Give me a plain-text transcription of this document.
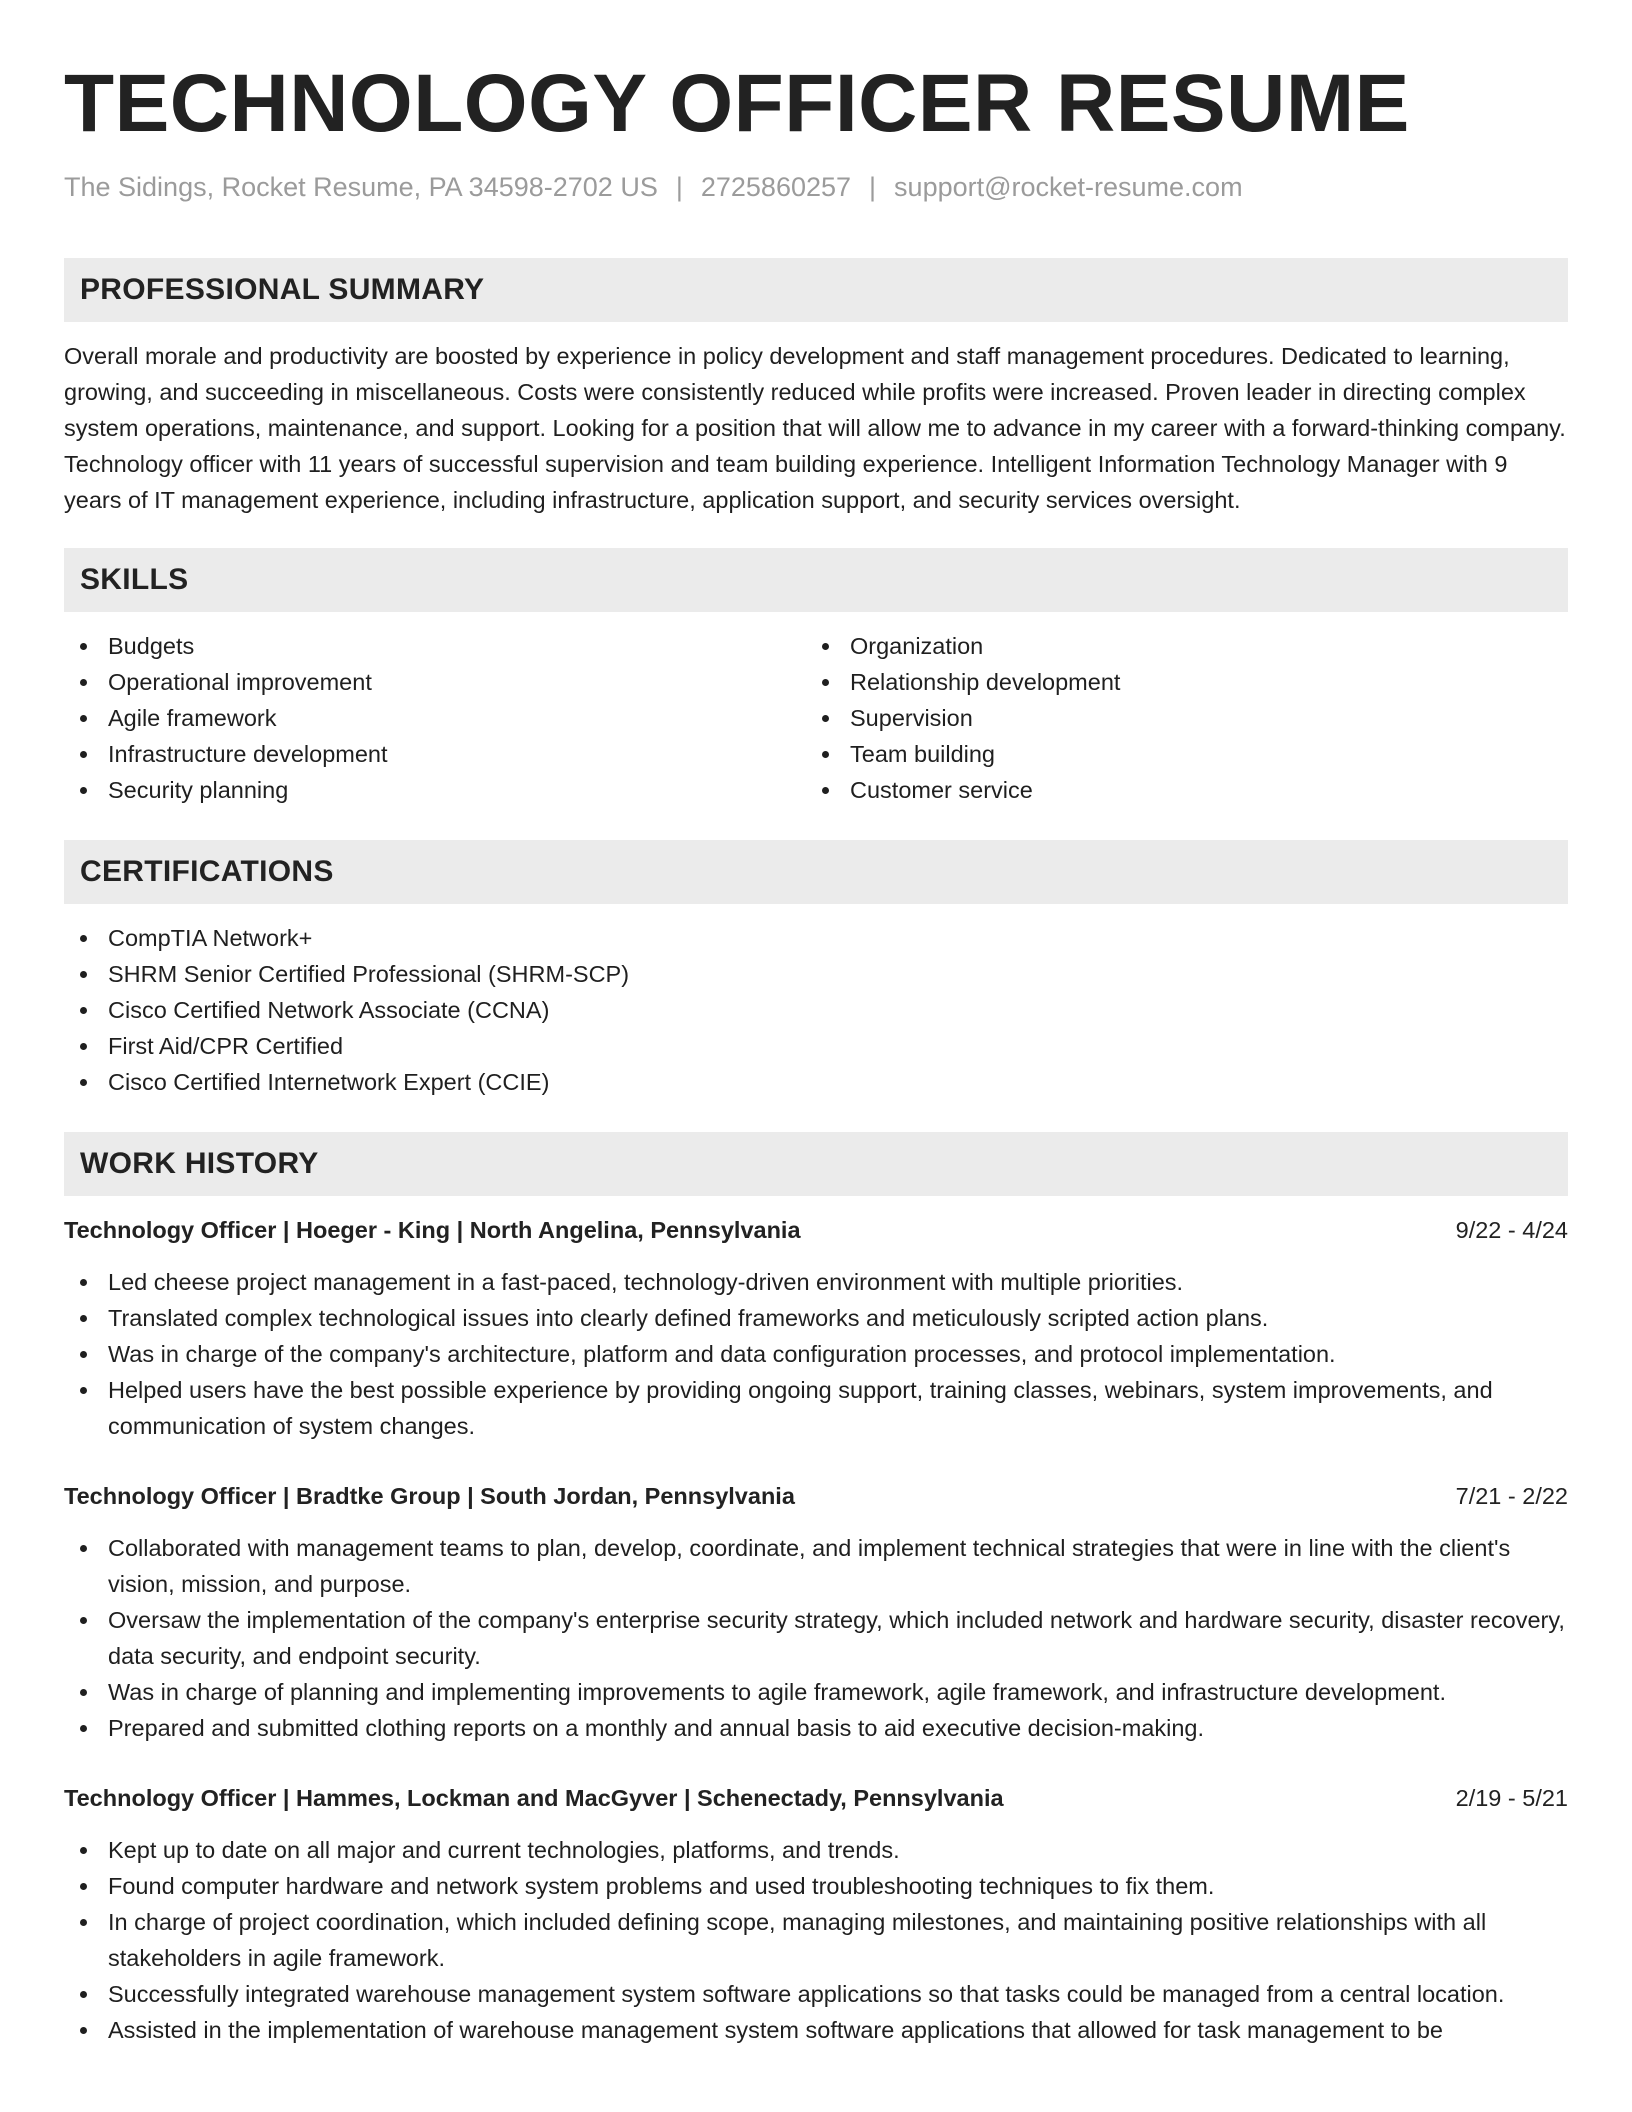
TECHNOLOGY OFFICER RESUME
The Sidings, Rocket Resume, PA 34598-2702 US | 2725860257 | support@rocket-resume.com
PROFESSIONAL SUMMARY
Overall morale and productivity are boosted by experience in policy development and staff management procedures. Dedicated to learning, growing, and succeeding in miscellaneous. Costs were consistently reduced while profits were increased. Proven leader in directing complex system operations, maintenance, and support. Looking for a position that will allow me to advance in my career with a forward-thinking company. Technology officer with 11 years of successful supervision and team building experience. Intelligent Information Technology Manager with 9 years of IT management experience, including infrastructure, application support, and security services oversight.
SKILLS
Budgets
Operational improvement
Agile framework
Infrastructure development
Security planning
Organization
Relationship development
Supervision
Team building
Customer service
CERTIFICATIONS
CompTIA Network+
SHRM Senior Certified Professional (SHRM-SCP)
Cisco Certified Network Associate (CCNA)
First Aid/CPR Certified
Cisco Certified Internetwork Expert (CCIE)
WORK HISTORY
Technology Officer | Hoeger - King | North Angelina, Pennsylvania	9/22 - 4/24
Led cheese project management in a fast-paced, technology-driven environment with multiple priorities.
Translated complex technological issues into clearly defined frameworks and meticulously scripted action plans.
Was in charge of the company's architecture, platform and data configuration processes, and protocol implementation.
Helped users have the best possible experience by providing ongoing support, training classes, webinars, system improvements, and communication of system changes.
Technology Officer | Bradtke Group | South Jordan, Pennsylvania	7/21 - 2/22
Collaborated with management teams to plan, develop, coordinate, and implement technical strategies that were in line with the client's vision, mission, and purpose.
Oversaw the implementation of the company's enterprise security strategy, which included network and hardware security, disaster recovery, data security, and endpoint security.
Was in charge of planning and implementing improvements to agile framework, agile framework, and infrastructure development.
Prepared and submitted clothing reports on a monthly and annual basis to aid executive decision-making.
Technology Officer | Hammes, Lockman and MacGyver | Schenectady, Pennsylvania	2/19 - 5/21
Kept up to date on all major and current technologies, platforms, and trends.
Found computer hardware and network system problems and used troubleshooting techniques to fix them.
In charge of project coordination, which included defining scope, managing milestones, and maintaining positive relationships with all stakeholders in agile framework.
Successfully integrated warehouse management system software applications so that tasks could be managed from a central location.
Assisted in the implementation of warehouse management system software applications that allowed for task management to be
